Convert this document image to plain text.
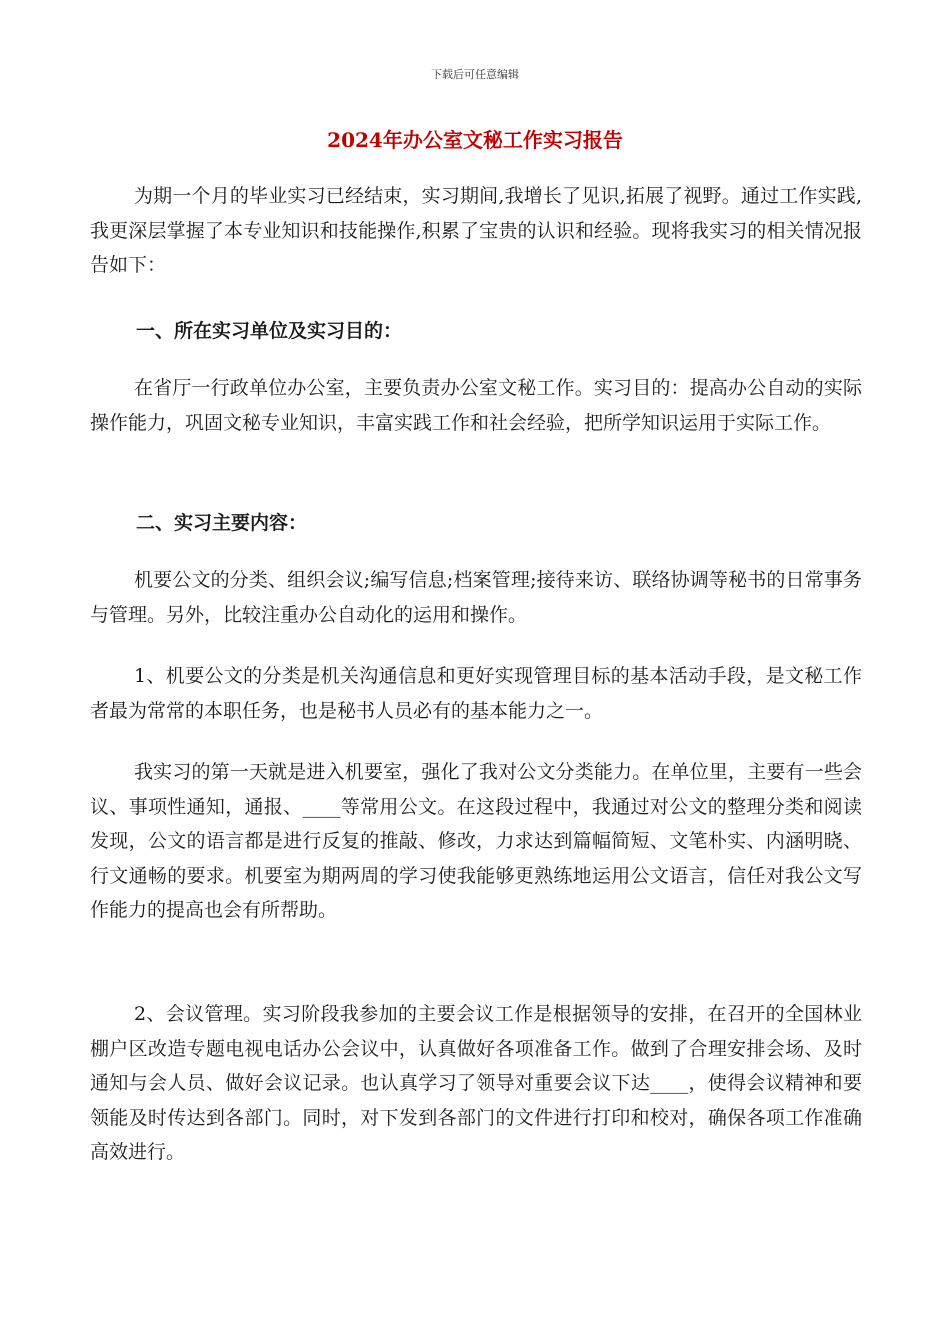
下载后可任意编辑
2024年办公室文秘工作实习报告

为期一个月的毕业实习已经结束，实习期间,我增长了见识,拓展了视野。通过工作实践,我更深层掌握了本专业知识和技能操作,积累了宝贵的认识和经验。现将我实习的相关情况报告如下：

一、所在实习单位及实习目的：

在省厅一行政单位办公室，主要负责办公室文秘工作。实习目的：提高办公自动的实际操作能力，巩固文秘专业知识，丰富实践工作和社会经验，把所学知识运用于实际工作。

二、实习主要内容：

机要公文的分类、组织会议;编写信息;档案管理;接待来访、联络协调等秘书的日常事务与管理。另外，比较注重办公自动化的运用和操作。

1、机要公文的分类是机关沟通信息和更好实现管理目标的基本活动手段，是文秘工作者最为常常的本职任务，也是秘书人员必有的基本能力之一。

我实习的第一天就是进入机要室，强化了我对公文分类能力。在单位里，主要有一些会议、事项性通知，通报、____等常用公文。在这段过程中，我通过对公文的整理分类和阅读发现，公文的语言都是进行反复的推敲、修改，力求达到篇幅简短、文笔朴实、内涵明晓、行文通畅的要求。机要室为期两周的学习使我能够更熟练地运用公文语言，信任对我公文写作能力的提高也会有所帮助。

2、会议管理。实习阶段我参加的主要会议工作是根据领导的安排，在召开的全国林业棚户区改造专题电视电话办公会议中，认真做好各项准备工作。做到了合理安排会场、及时通知与会人员、做好会议记录。也认真学习了领导对重要会议下达____，使得会议精神和要领能及时传达到各部门。同时，对下发到各部门的文件进行打印和校对，确保各项工作准确高效进行。
